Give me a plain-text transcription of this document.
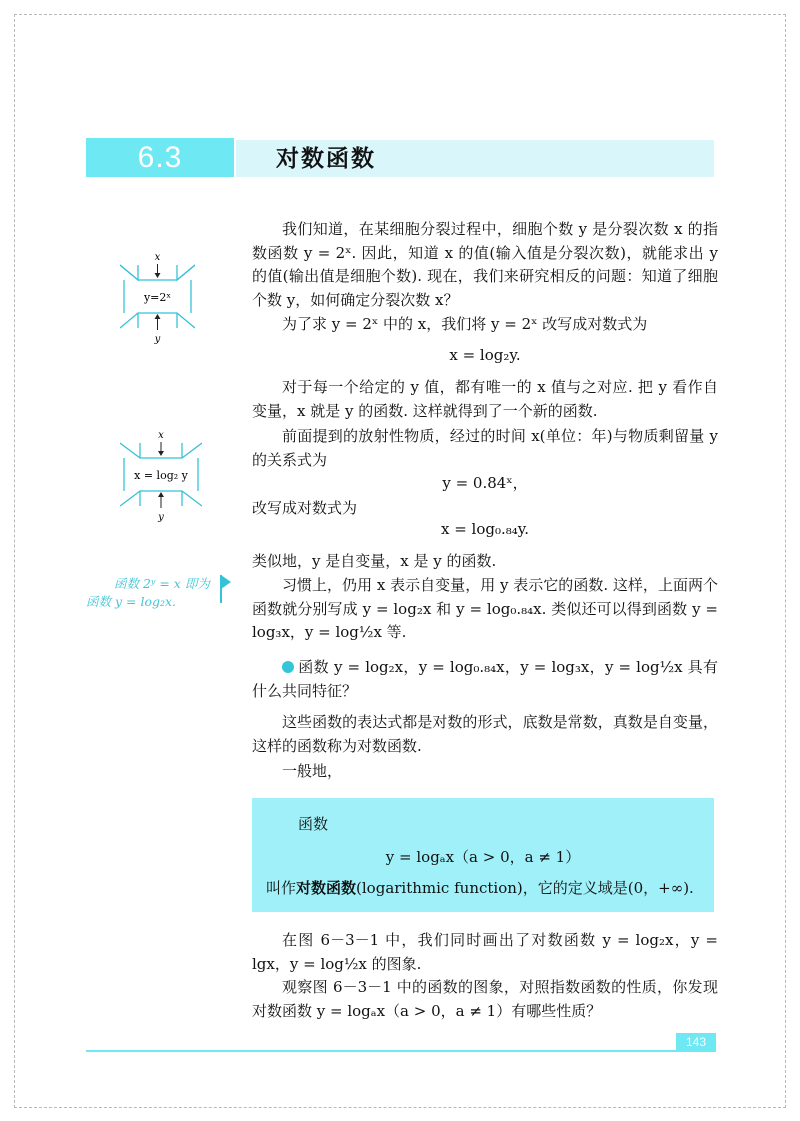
6.3	对数函数
x
y=2ˣ
y
x
x = log₂ y
y

我们知道，在某细胞分裂过程中，细胞个数 y 是分裂次数 x 的指数函数 y = 2ˣ. 因此，知道 x 的值(输入值是分裂次数)，就能求出 y 的值(输出值是细胞个数). 现在，我们来研究相反的问题：知道了细胞个数 y，如何确定分裂次数 x？

为了求 y = 2ˣ 中的 x，我们将 y = 2ˣ 改写成对数式为

x = log₂y.

对于每一个给定的 y 值，都有唯一的 x 值与之对应. 把 y 看作自变量，x 就是 y 的函数. 这样就得到了一个新的函数.

前面提到的放射性物质，经过的时间 x(单位：年)与物质剩留量 y 的关系式为

y = 0.84ˣ，

改写成对数式为

x = log₀.₈₄y.

类似地，y 是自变量，x 是 y 的函数.

习惯上，仍用 x 表示自变量，用 y 表示它的函数. 这样，上面两个函数就分别写成 y = log₂x 和 y = log₀.₈₄x. 类似还可以得到函数 y = log₃x，y = log½x 等.

函数 2ʸ = x 即为
函数 y = log₂x.

函数 y = log₂x，y = log₀.₈₄x，y = log₃x，y = log½x 具有什么共同特征？

这些函数的表达式都是对数的形式，底数是常数，真数是自变量，这样的函数称为对数函数.

一般地，

函数
y = logₐx（a > 0，a ≠ 1）
叫作对数函数(logarithmic function)，它的定义域是(0，+∞).

在图 6－3－1 中，我们同时画出了对数函数 y = log₂x，y = lgx，y = log½x 的图象.

观察图 6－3－1 中的函数的图象，对照指数函数的性质，你发现对数函数 y = logₐx（a > 0，a ≠ 1）有哪些性质？

143
